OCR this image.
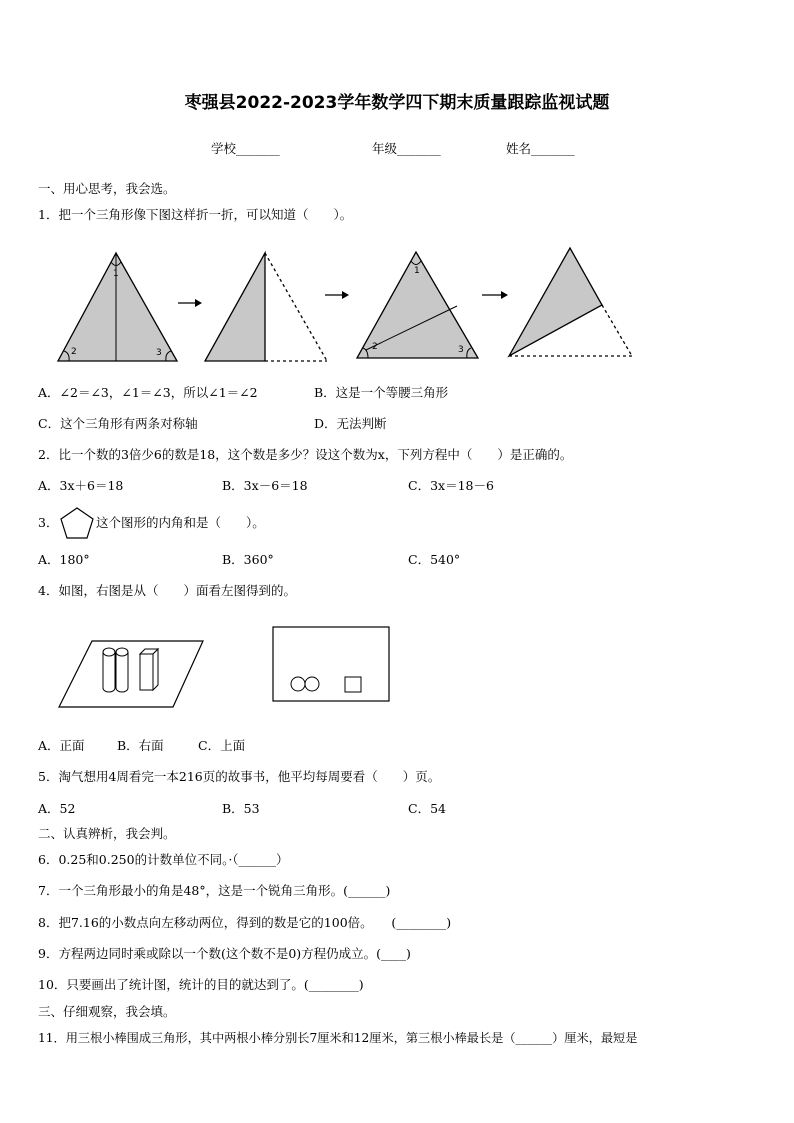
枣强县2022-2023学年数学四下期末质量跟踪监视试题
学校_______	年级_______	姓名_______
一、用心思考，我会选。
1．把一个三角形像下图这样折一折，可以知道（　　）。
1
2	3
1
2	3
A．∠2＝∠3，∠1＝∠3，所以∠1＝∠2	B．这是一个等腰三角形
C．这个三角形有两条对称轴	D．无法判断
2．比一个数的3倍少6的数是18，这个数是多少？设这个数为x，下列方程中（　　）是正确的。
A．3x＋6＝18	B．3x－6＝18	C．3x＝18－6
3．	这个图形的内角和是（　　）。
A．180°	B．360°	C．540°
4．如图，右图是从（　　）面看左图得到的。
A．正面	B．右面	C．上面
5．淘气想用4周看完一本216页的故事书，他平均每周要看（　　）页。
A．52	B．53	C．54
二、认真辨析，我会判。
6．0.25和0.250的计数单位不同。·（______）
7．一个三角形最小的角是48°，这是一个锐角三角形。(______)
8．把7.16的小数点向左移动两位，得到的数是它的100倍。　　(________)
9．方程两边同时乘或除以一个数(这个数不是0)方程仍成立。(____)
10．只要画出了统计图，统计的目的就达到了。(________)
三、仔细观察，我会填。
11．用三根小棒围成三角形，其中两根小棒分别长7厘米和12厘米，第三根小棒最长是（______）厘米，最短是
